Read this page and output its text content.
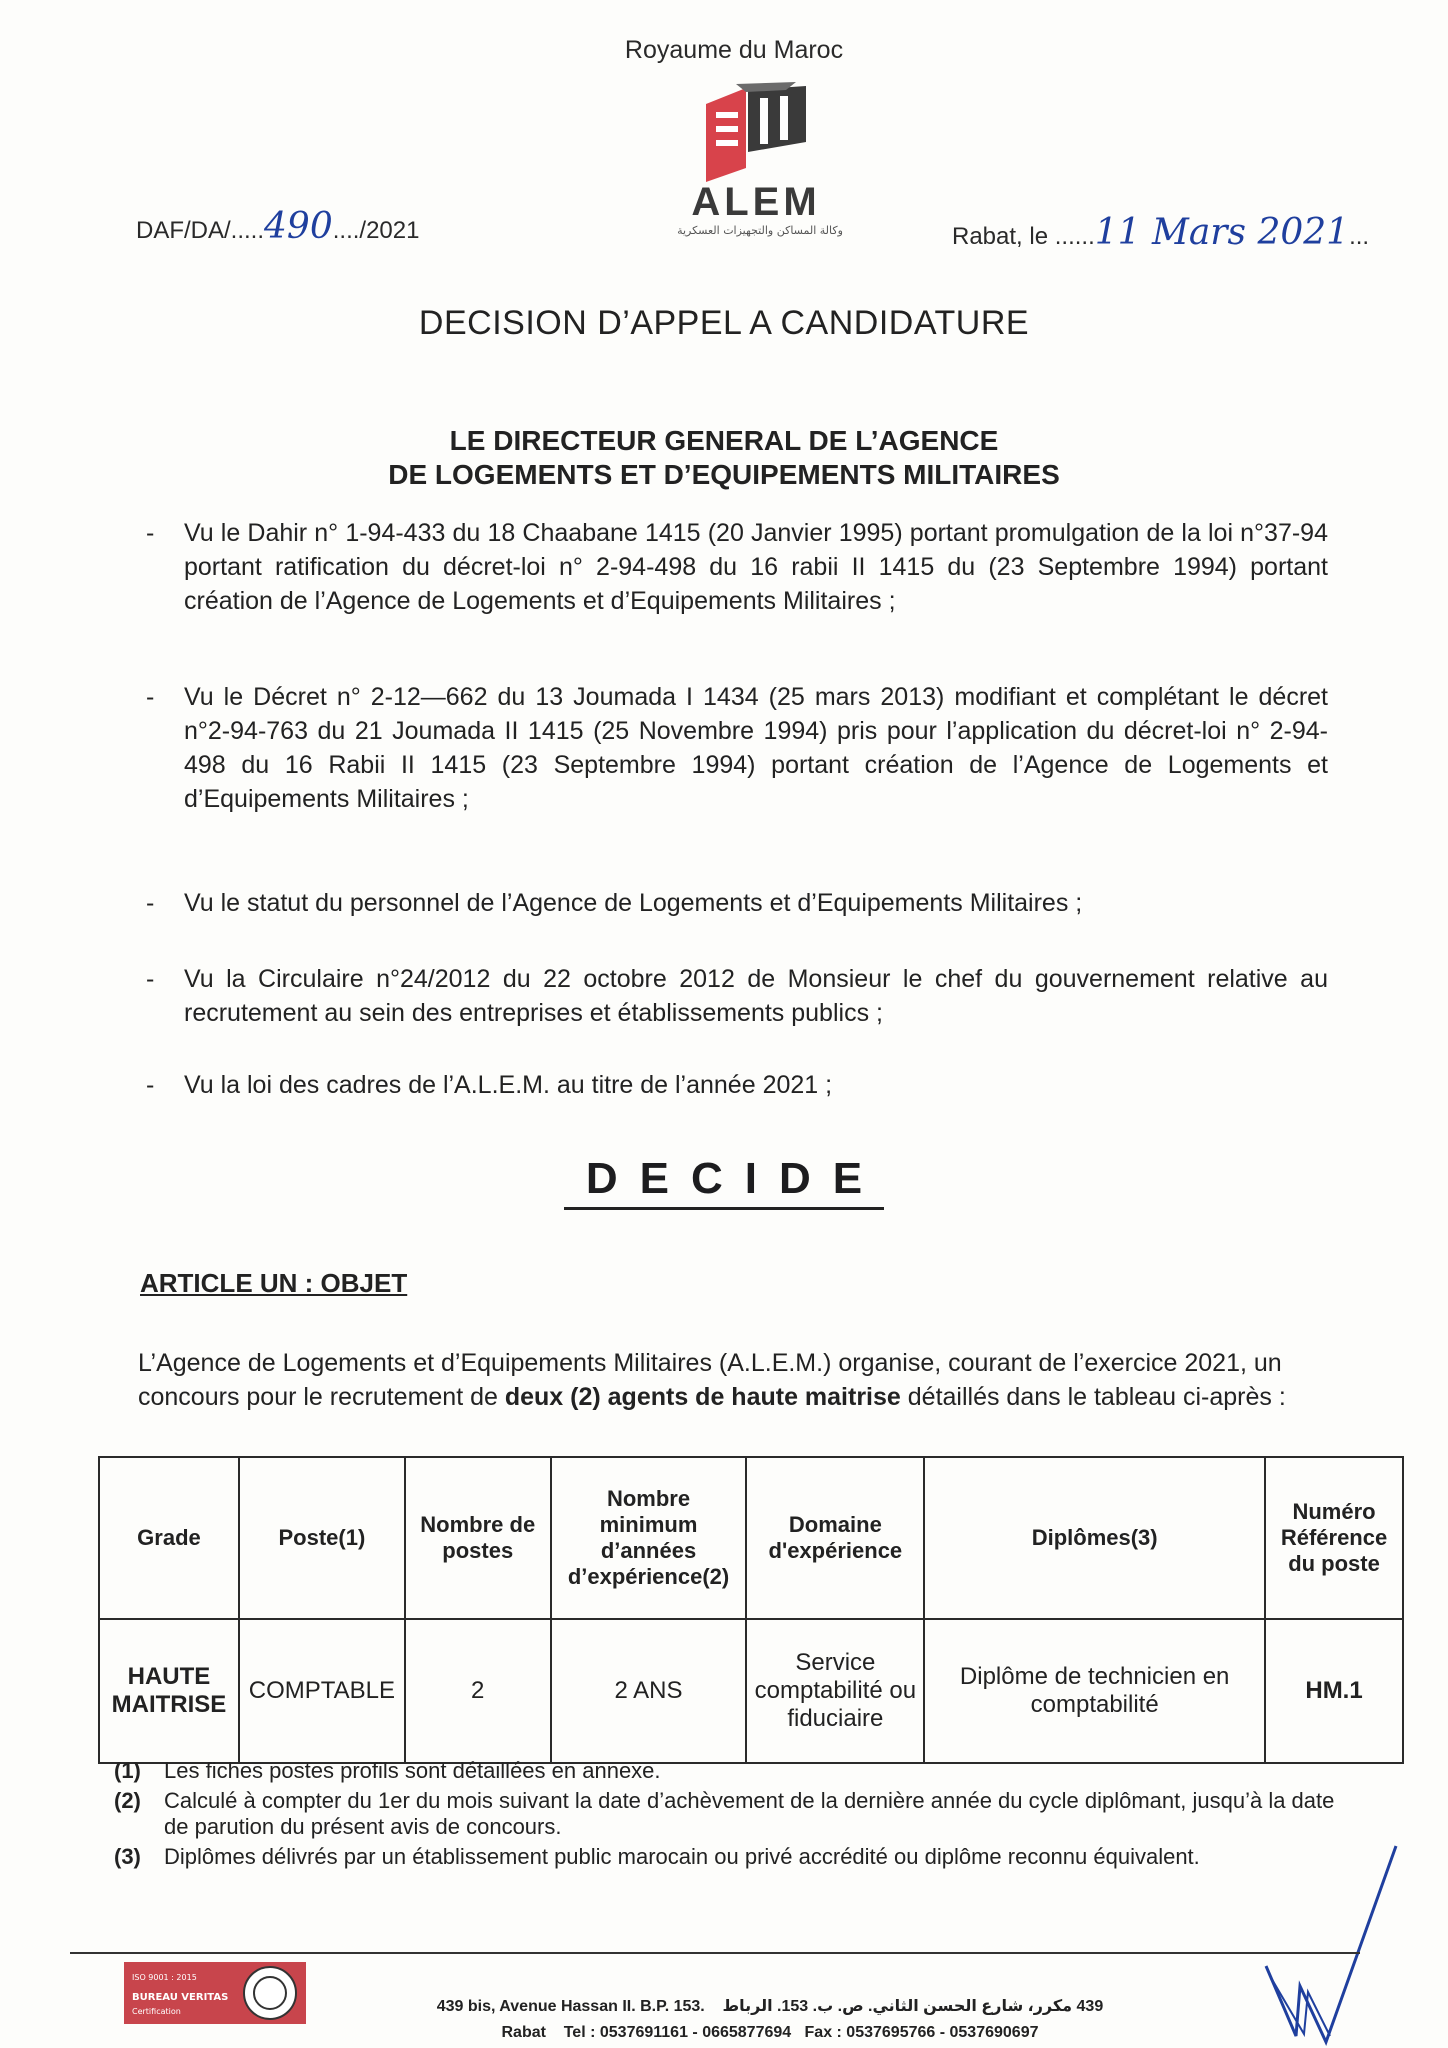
Royaume du Maroc
ALEM
وكالة المساكن والتجهيزات العسكرية
DAF/DA/.....490..../2021	Rabat, le ......11 Mars 2021...
DECISION D’APPEL A CANDIDATURE
LE DIRECTEUR GENERAL DE L’AGENCE
DE LOGEMENTS ET D’EQUIPEMENTS MILITAIRES
- Vu le Dahir n° 1-94-433 du 18 Chaabane 1415 (20 Janvier 1995) portant promulgation de la loi n°37-94 portant ratification du décret-loi n° 2-94-498 du 16 rabii II 1415 du (23 Septembre 1994) portant création de l’Agence de Logements et d’Equipements Militaires ;
- Vu le Décret n° 2-12—662 du 13 Joumada I 1434 (25 mars 2013) modifiant et complétant le décret n°2-94-763 du 21 Joumada II 1415 (25 Novembre 1994) pris pour l’application du décret-loi n° 2-94-498 du 16 Rabii II 1415 (23 Septembre 1994) portant création de l’Agence de Logements et d’Equipements Militaires ;
- Vu le statut du personnel de l’Agence de Logements et d’Equipements Militaires ;
- Vu la Circulaire n°24/2012 du 22 octobre 2012 de Monsieur le chef du gouvernement relative au recrutement au sein des entreprises et établissements publics ;
- Vu la loi des cadres de l’A.L.E.M. au titre de l’année 2021 ;
DECIDE
ARTICLE UN : OBJET
L’Agence de Logements et d’Equipements Militaires (A.L.E.M.) organise, courant de l’exercice 2021, un concours pour le recrutement de deux (2) agents de haute maitrise détaillés dans le tableau ci-après :
Grade	Poste(1)	Nombre de postes	Nombre minimum d’années d’expérience(2)	Domaine d'expérience	Diplômes(3)	Numéro Référence du poste
HAUTE MAITRISE	COMPTABLE	2	2 ANS	Service comptabilité ou fiduciaire	Diplôme de technicien en comptabilité	HM.1
(1) Les fiches postes profils sont détaillées en annexe.
(2) Calculé à compter du 1er du mois suivant la date d’achèvement de la dernière année du cycle diplômant, jusqu’à la date de parution du présent avis de concours.
(3) Diplômes délivrés par un établissement public marocain ou privé accrédité ou diplôme reconnu équivalent.
ISO 9001 : 2015
BUREAU VERITAS
Certification	439 bis, Avenue Hassan II. B.P. 153. 439 مكرر، شارع الحسن الثاني. ص. ب. 153. الرباط
Rabat Tel : 0537691161 - 0665877694 Fax : 0537695766 - 0537690697
